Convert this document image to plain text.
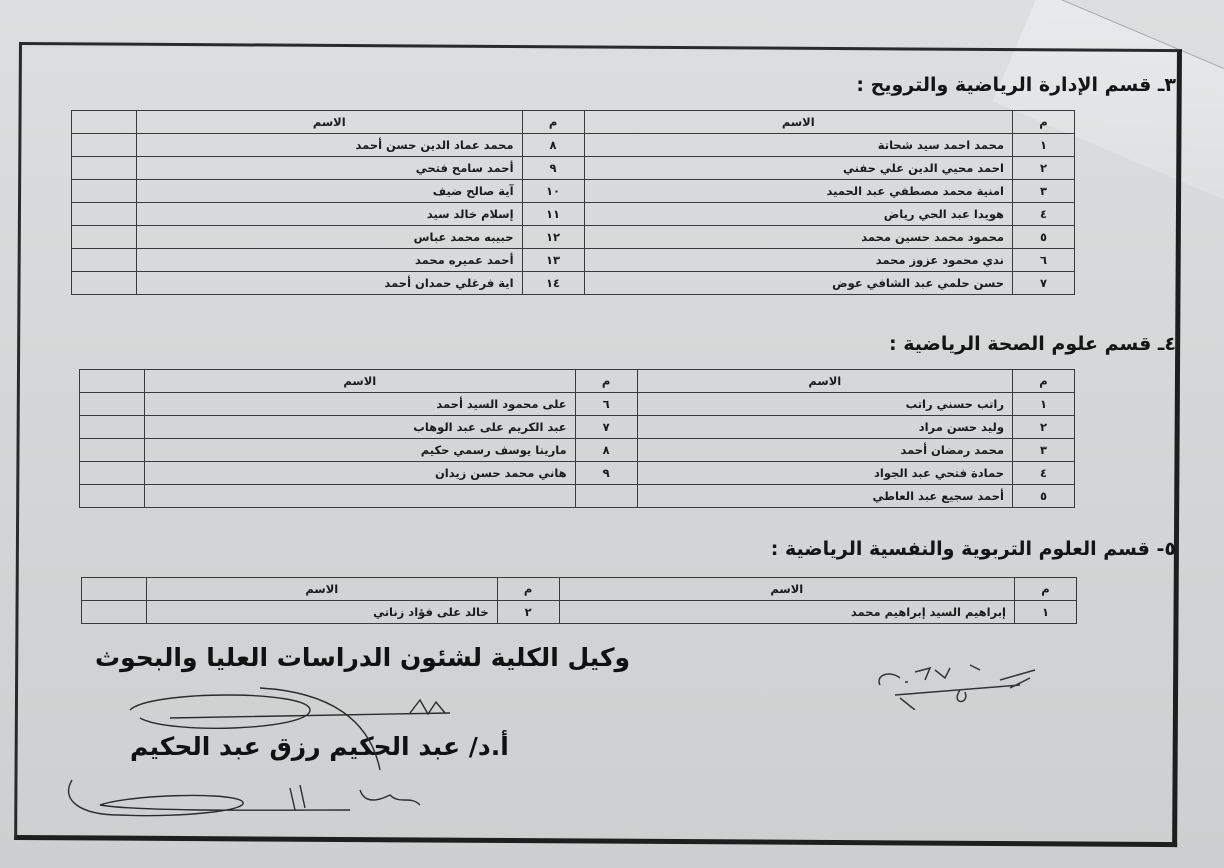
٣ـ قسم الإدارة الرياضية والترويح :
م	الاسم	م	الاسم	
١	محمد احمد سيد شحاتة	٨	محمد عماد الدين حسن أحمد	
٢	احمد محيي الدين علي حفني	٩	أحمد سامح فتحي	
٣	امنية محمد مصطفي عبد الحميد	١٠	آية صالح ضيف	
٤	هويدا عبد الحي رياض	١١	إسلام خالد سيد	
٥	محمود محمد حسين محمد	١٢	حبيبه محمد عباس	
٦	ندي محمود عزوز محمد	١٣	أحمد عميره محمد	
٧	حسن حلمي عبد الشافي عوض	١٤	اية فرغلي حمدان أحمد	
٤ـ قسم علوم الصحة الرياضية :
م	الاسم	م	الاسم	
١	راتب حسني راتب	٦	على محمود السيد أحمد	
٢	وليد حسن مراد	٧	عبد الكريم على عبد الوهاب	
٣	محمد رمضان أحمد	٨	مارينا يوسف رسمي حكيم	
٤	حمادة فتحي عبد الجواد	٩	هاني محمد حسن زيدان	
٥	أحمد سجيع عبد العاطي			
٥- قسم العلوم التربوية والنفسية الرياضية :
م	الاسم	م	الاسم	
١	إبراهيم السيد إبراهيم محمد	٢	خالد على فؤاد زناتي	
وكيل الكلية لشئون الدراسات العليا والبحوث
أ.د/ عبد الحكيم رزق عبد الحكيم
